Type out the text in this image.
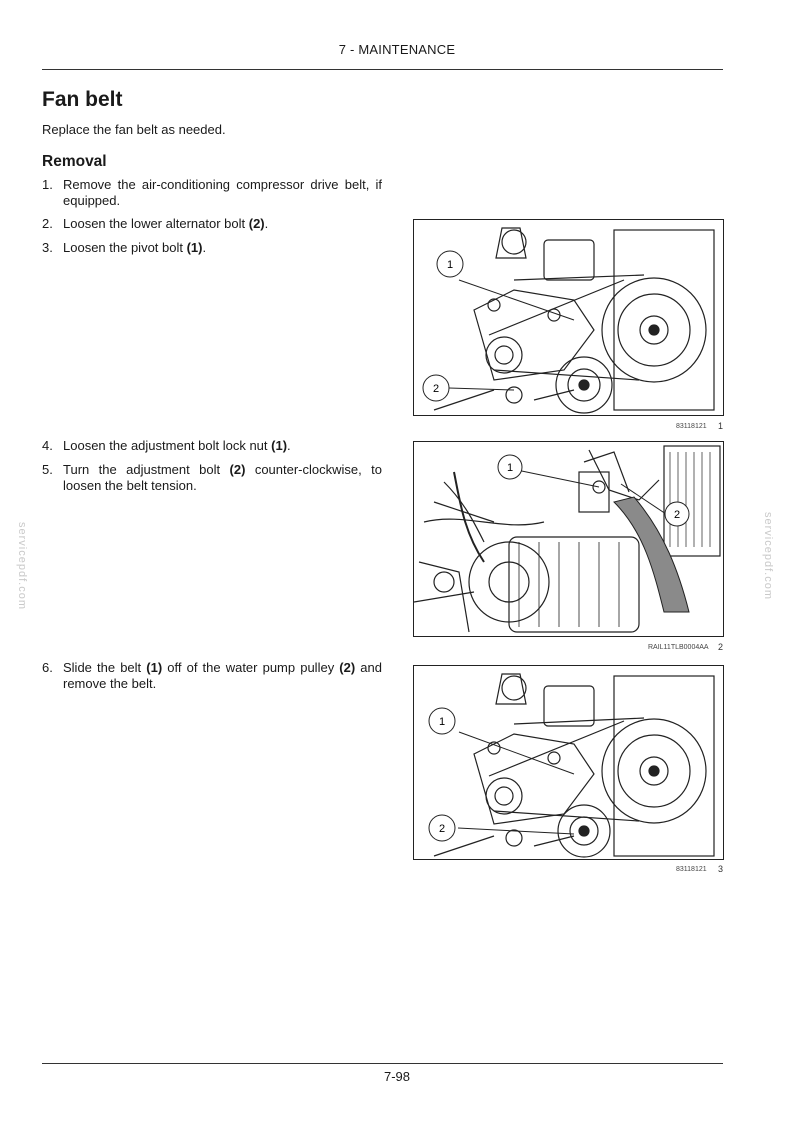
7 - MAINTENANCE
Fan belt
Replace the fan belt as needed.
Removal
1. Remove the air-conditioning compressor drive belt, if equipped.
2. Loosen the lower alternator bolt (2).
3. Loosen the pivot bolt (1).
4. Loosen the adjustment bolt lock nut (1).
5. Turn the adjustment bolt (2) counter-clockwise, to loosen the belt tension.
6. Slide the belt (1) off of the water pump pulley (2) and remove the belt.
1
2
83118121 1
1
2
RAIL11TLB0004AA 2
1
2
83118121 3
servicepdf.com	servicepdf.com
7-98
